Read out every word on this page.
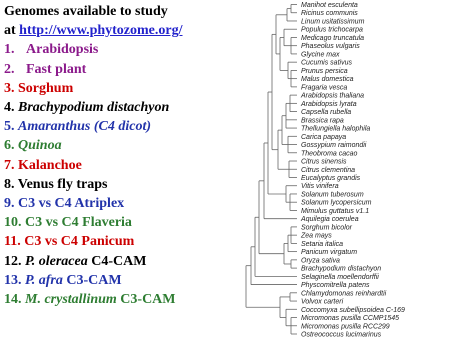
Manihot esculenta
Ricinus communis
Linum usitatissimum
Populus trichocarpa
Medicago truncatula
Phaseolus vulgaris
Glycine max
Cucumis sativus
Prunus persica
Malus domestica
Fragaria vesca
Arabidopsis thaliana
Arabidopsis lyrata
Capsella rubella
Brassica rapa
Thellungiella halophila
Carica papaya
Gossypium raimondii
Theobroma cacao
Citrus sinensis
Citrus clementina
Eucalyptus grandis
Vitis vinifera
Solanum tuberosum
Solanum lycopersicum
Mimulus guttatus v1.1
Aquilegia coerulea
Sorghum bicolor
Zea mays
Setaria italica
Panicum virgatum
Oryza sativa
Brachypodium distachyon
Selaginella moellendorffii
Physcomitrella patens
Chlamydomonas reinhardtii
Volvox carteri
Coccomyxa subellipsoidea C-169
Micromonas pusilla CCMP1545
Micromonas pusilla RCC299
Ostreococcus lucimarinus
Genomes available to study
at http://www.phytozome.org/
1. Arabidopsis
2. Fast plant
3. Sorghum
4. Brachypodium distachyon
5. Amaranthus (C4 dicot)
6. Quinoa
7. Kalanchoe
8. Venus fly traps
9. C3 vs C4 Atriplex
10. C3 vs C4 Flaveria
11. C3 vs C4 Panicum
12. P. oleracea C4-CAM
13. P. afra C3-CAM
14. M. crystallinum C3-CAM
